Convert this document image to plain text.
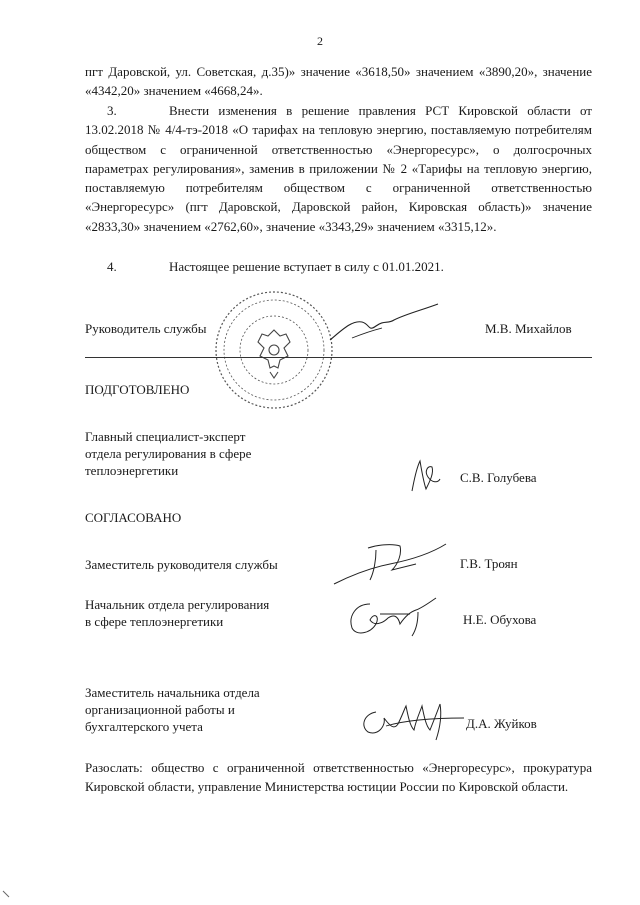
2
пгт Даровской, ул. Советская, д.35)» значение «3618,50» значением «3890,20», значение «4342,20» значением «4668,24».
3.	Внести изменения в решение правления РСТ Кировской области от 13.02.2018 № 4/4-тэ-2018 «О тарифах на тепловую энергию, поставляемую потребителям обществом с ограниченной ответственностью «Энергоресурс», о долгосрочных параметрах регулирования», заменив в приложении № 2 «Тарифы на тепловую энергию, поставляемую потребителям обществом с ограниченной ответственностью «Энергоресурс» (пгт Даровской, Даровской район, Кировская область)» значение «2833,30» значением «2762,60», значение «3343,29» значением «3315,12».
4.	Настоящее решение вступает в силу с 01.01.2021.
Руководитель службы	М.В. Михайлов
ПОДГОТОВЛЕНО
Главный специалист-эксперт
отдела регулирования в сфере
теплоэнергетики	С.В. Голубева
СОГЛАСОВАНО
Заместитель руководителя службы	Г.В. Троян
Начальник отдела регулирования
в сфере теплоэнергетики	Н.Е. Обухова
Заместитель начальника отдела
организационной работы и
бухгалтерского учета	Д.А. Жуйков
Разослать: общество с ограниченной ответственностью «Энергоресурс», прокуратура Кировской области, управление Министерства юстиции России по Кировской области.
